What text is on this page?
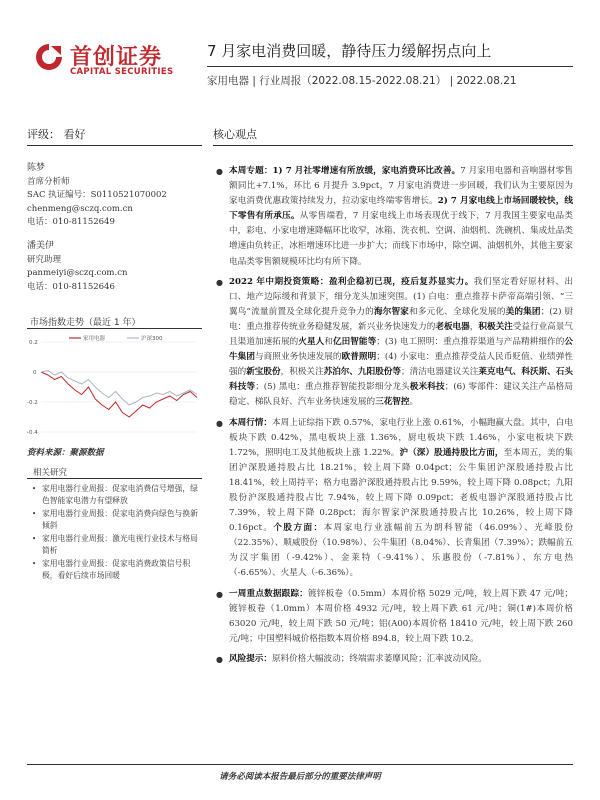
首创证券
CAPITAL SECURITIES
7 月家电消费回暖，静待压力缓解拐点向上
家用电器 | 行业周报（2022.08.15-2022.08.21） | 2022.08.21
评级： 看好	核心观点
陈梦
首席分析师
SAC 执证编号：S0110521070002
chenmeng@sczq.com.cn
电话：010-81152649
潘美伊
研究助理
panmeiyi@sczq.com.cn
电话：010-81152646
市场指数走势（最近 1 年）
家用电器	沪深300
0.2
0
-0.2
-0.4
资料来源：聚源数据
相关研究
• 家用电器行业周报：促家电消费信号增强，绿色智能家电潜力有望释放
• 家用电器行业周报：促家电消费向绿色与换新倾斜
• 家用电器行业周报：激光电视行业技术与格局简析
• 家用电器行业周报：促家电消费政策信号积极，看好后续市场回暖
● 本周专题：1) 7 月社零增速有所放缓，家电消费环比改善。7 月家用电器和音响器材零售额同比+7.1%，环比 6 月提升 3.9pct，7 月家电消费进一步回暖，我们认为主要原因为家电消费优惠政策持续发力，拉动家电终端零售增长。2) 7 月家电线上市场回暖较快，线下零售有所承压。从零售端看，7 月家电线上市场表现优于线下，7 月我国主要家电品类中，彩电、小家电增速降幅环比收窄，冰箱、洗衣机、空调、油烟机、洗碗机、集成灶品类增速由负转正，冰柜增速环比进一步扩大；而线下市场中，除空调、油烟机外，其他主要家电品类零售额规模环比均有所下降。
● 2022 年中期投资策略：盈利企稳初已现，疫后复苏显实力。我们坚定看好原材料、出口、地产边际缓和背景下，细分龙头加速突围。(1) 白电：重点推荐卡萨帝高端引领、“三翼鸟”流量前置及全球化提升竞争力的海尔智家和多元化、全球化发展的美的集团；(2) 厨电：重点推荐传统业务稳健发展，新兴业务快速发力的老板电器，积极关注受益行业高景气且渠道加速拓展的火星人和亿田智能等；(3) 电工照明：重点推荐渠道与产品精耕细作的公牛集团与商照业务快速发展的欧普照明；(4) 小家电：重点推荐受益人民币贬值、业绩弹性强的新宝股份，积极关注苏泊尔、九阳股份等；清洁电器建议关注莱克电气、科沃斯、石头科技等；(5) 黑电：重点推荐智能投影细分龙头极米科技；(6) 零部件：建议关注产品格局稳定、梯队良好、汽车业务快速发展的三花智控。
● 本周行情：本周上证综指下跌 0.57%，家电行业上涨 0.61%，小幅跑赢大盘。其中，白电板块下跌 0.42%，黑电板块上涨 1.36%，厨电板块下跌 1.46%，小家电板块下跌 1.72%，照明电工及其他板块上涨 1.22%。沪（深）股通持股比方面，至本周五，美的集团沪深股通持股占比 18.21%，较上周下降 0.04pct；公牛集团沪深股通持股占比 18.41%，较上周持平；格力电器沪深股通持股占比 9.59%，较上周下降 0.08pct；九阳股份沪深股通持股占比 7.94%，较上周下降 0.09pct；老板电器沪深股通持股占比 7.39%，较上周下降 0.28pct；海尔智家沪深股通持股占比 10.26%，较上周下降 0.16pct。个股方面：本周家电行业涨幅前五为朗科智能（46.09%）、光峰股份（22.35%）、顺威股份（10.98%）、公牛集团（8.04%）、长青集团（7.39%）；跌幅前五为汉宇集团（-9.42%）、金莱特（-9.41%）、乐惠股份（-7.81%）、东方电热（-6.65%）、火星人（-6.36%）。
● 一周重点数据跟踪：镀锌板卷（0.5mm）本周价格 5029 元/吨，较上周下跌 47 元/吨；镀锌板卷（1.0mm）本周价格 4932 元/吨，较上周下跌 61 元/吨；铜(1#)本周价格 63020 元/吨，较上周下跌 50 元/吨；铝(A00)本周价格 18410 元/吨，较上周下跌 260 元/吨；中国塑料城价格指数本周价格 894.8，较上周下跌 10.2。
● 风险提示：原料价格大幅波动；终端需求萎靡风险；汇率波动风险。
请务必阅读本报告最后部分的重要法律声明
